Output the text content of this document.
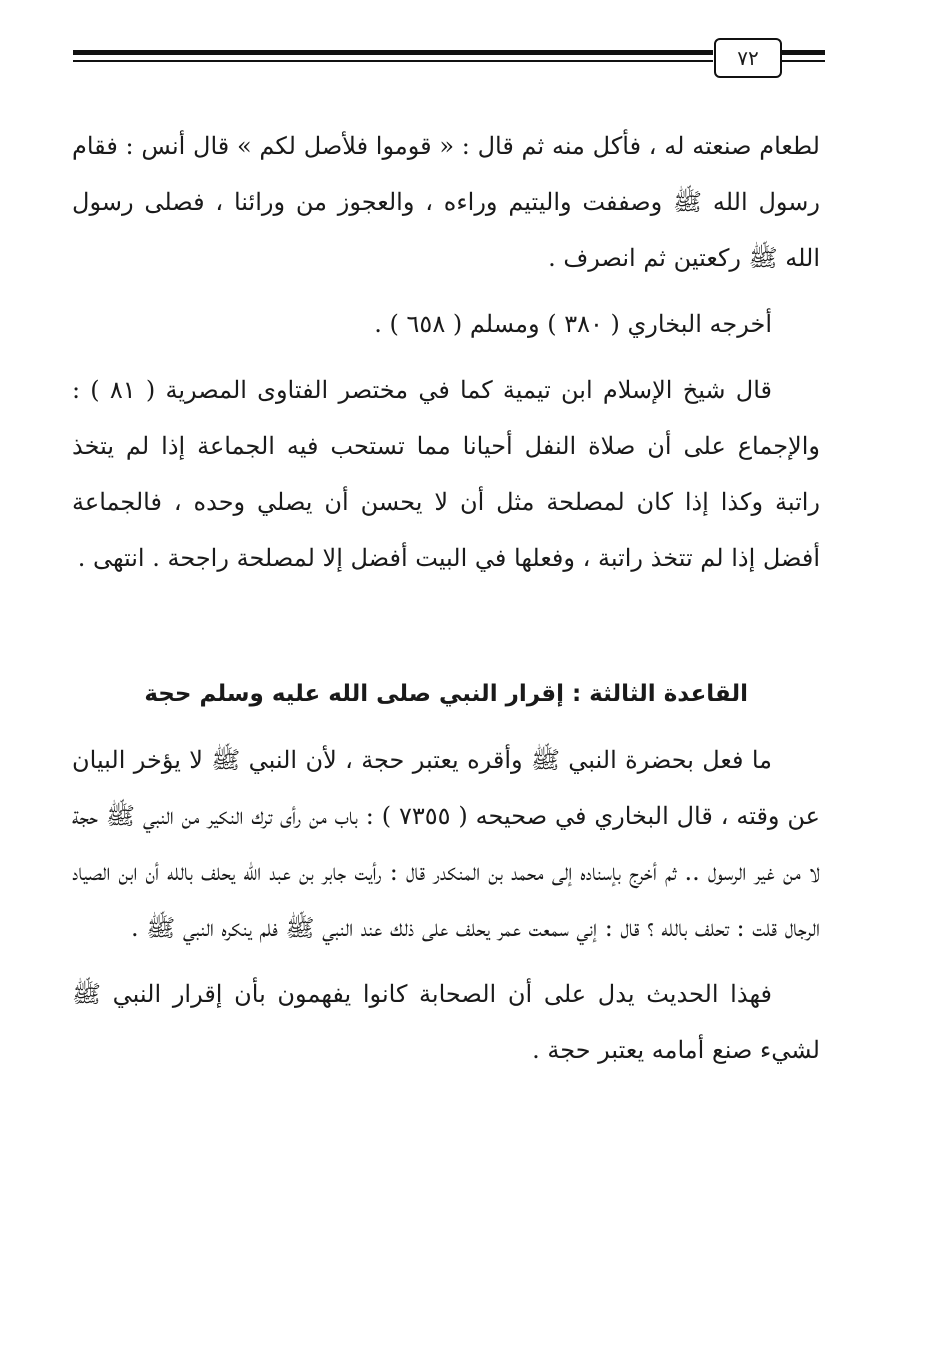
٧٢

لطعام صنعته له ، فأكل منه ثم قال : « قوموا فلأصل لكم » قال أنس : فقام رسول الله ﷺ وصففت واليتيم وراءه ، والعجوز من ورائنا ، فصلى رسول الله ﷺ ركعتين ثم انصرف .

أخرجه البخاري ( ٣٨٠ ) ومسلم ( ٦٥٨ ) .

قال شيخ الإسلام ابن تيمية كما في مختصر الفتاوى المصرية ( ٨١ ) : والإجماع على أن صلاة النفل أحيانا مما تستحب فيه الجماعة إذا لم يتخذ راتبة وكذا إذا كان لمصلحة مثل أن لا يحسن أن يصلي وحده ، فالجماعة أفضل إذا لم تتخذ راتبة ، وفعلها في البيت أفضل إلا لمصلحة راجحة . انتهى .

القاعدة الثالثة : إقرار النبي صلى الله عليه وسلم حجة

ما فعل بحضرة النبي ﷺ وأقره يعتبر حجة ، لأن النبي ﷺ لا يؤخر البيان عن وقته ، قال البخاري في صحيحه ( ٧٣٥٥ ) : باب من رأى ترك النكير من النبي ﷺ حجة لا من غير الرسول .. ثم أخرج بإسناده إلى محمد بن المنكدر قال : رأيت جابر بن عبد الله يحلف بالله أن ابن الصياد الرجال قلت : تحلف بالله ؟ قال : إني سمعت عمر يحلف على ذلك عند النبي ﷺ فلم ينكره النبي ﷺ .

فهذا الحديث يدل على أن الصحابة كانوا يفهمون بأن إقرار النبي ﷺ لشيء صنع أمامه يعتبر حجة .
